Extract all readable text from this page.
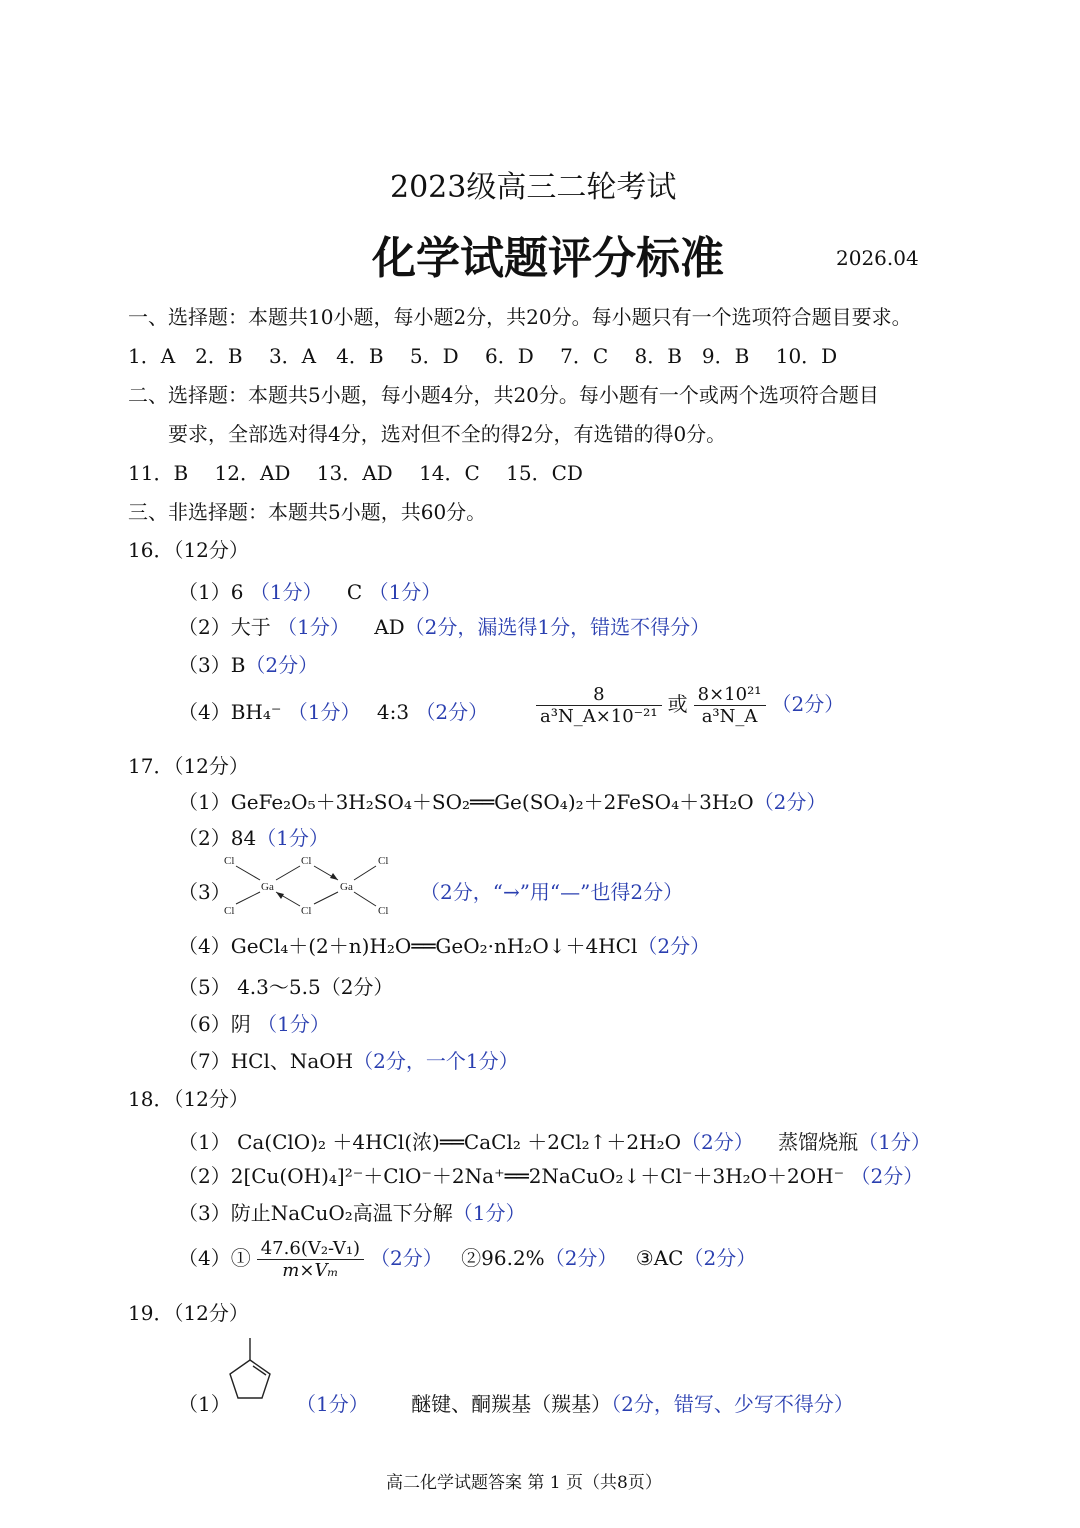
2023级高三二轮考试
化学试题评分标准	2026.04
一、选择题：本题共10小题，每小题2分，共20分。每小题只有一个选项符合题目要求。
1．A　2．B　 3．A　4．B　 5．D　 6．D　 7．C　 8．B　9．B　 10．D
二、选择题：本题共5小题，每小题4分，共20分。每小题有一个或两个选项符合题目
要求，全部选对得4分，选对但不全的得2分，有选错的得0分。
11．B　 12．AD　 13．AD　 14．C　 15．CD
三、非选择题：本题共5小题，共60分。
16．（12分）
（1）6 （1分） C （1分）
（2）大于 （1分） AD（2分，漏选得1分，错选不得分）
（3）B（2分）
（4）BH₄⁻ （1分） 4:3 （2分）	$\frac{8}{\text{a³N\_A×10⁻²¹}}$ 或 $\frac{\text{8×10²¹}}{\text{a³N\_A}} (2$分）
17．（12分）
（1）GeFe₂O₅＋3H₂SO₄＋SO₂══Ge(SO₄)₂＋2FeSO₄＋3H₂O（2分）
（2）84（1分）
（3）
Cl
Cl
Cl
Cl
Cl
Cl
Ga	Ga	（2分，“→”用“—”也得2分）
（4）GeCl₄＋(2＋n)H₂O══GeO₂·nH₂O↓＋4HCl（2分）
（5） 4.3～5.5（2分）
（6）阴 （1分）
（7）HCl、NaOH（2分，一个1分）
18．（12分）
（1） Ca(ClO)₂ ＋4HCl(浓)══CaCl₂ ＋2Cl₂↑＋2H₂O（2分） 蒸馏烧瓶（1分）
（2）2[Cu(OH)₄]²⁻＋ClO⁻＋2Na⁺══2NaCuO₂↓＋Cl⁻＋3H₂O＋2OH⁻ （2分）
（3）防止NaCuO₂高温下分解（1分）
（4）① $\frac{\text{47.6(V₂-V₁)}}{\text{m×Vₘ}} (2$分） ②96.2%（2分） ③AC（2分）
19．（12分）
（1）	（1分） 醚键、酮羰基（羰基）（2分，错写、少写不得分）
高二化学试题答案 第 1 页（共8页）
